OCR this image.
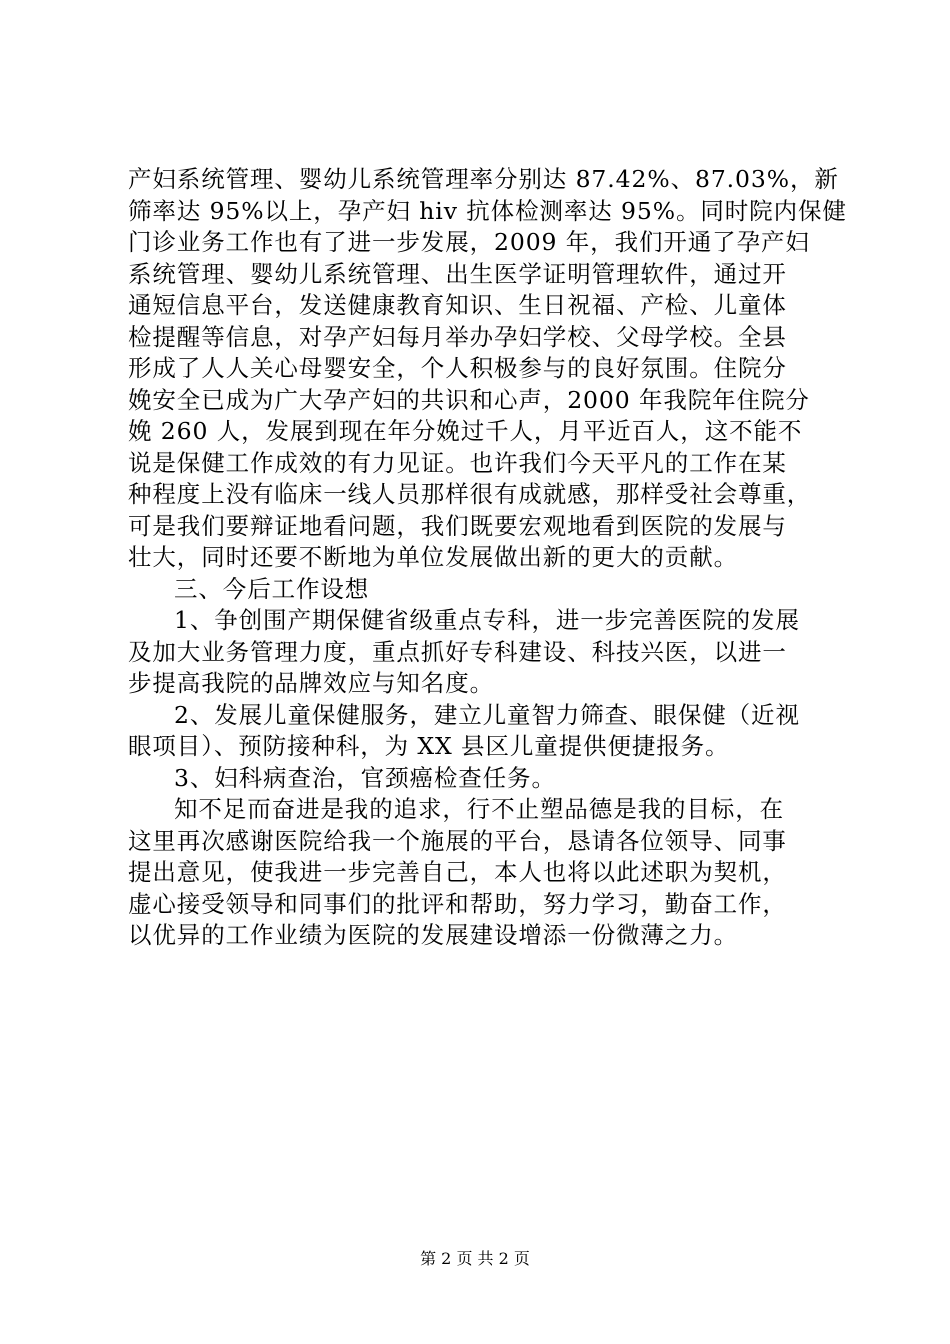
产妇系统管理、婴幼儿系统管理率分别达 87.42%、87.03%，新
筛率达 95%以上，孕产妇 hiv 抗体检测率达 95%。同时院内保健
门诊业务工作也有了进一步发展，2009 年，我们开通了孕产妇
系统管理、婴幼儿系统管理、出生医学证明管理软件，通过开
通短信息平台，发送健康教育知识、生日祝福、产检、儿童体
检提醒等信息，对孕产妇每月举办孕妇学校、父母学校。全县
形成了人人关心母婴安全，个人积极参与的良好氛围。住院分
娩安全已成为广大孕产妇的共识和心声，2000 年我院年住院分
娩 260 人，发展到现在年分娩过千人，月平近百人，这不能不
说是保健工作成效的有力见证。也许我们今天平凡的工作在某
种程度上没有临床一线人员那样很有成就感，那样受社会尊重，
可是我们要辩证地看问题，我们既要宏观地看到医院的发展与
壮大，同时还要不断地为单位发展做出新的更大的贡献。
三、今后工作设想
1、争创围产期保健省级重点专科，进一步完善医院的发展
及加大业务管理力度，重点抓好专科建设、科技兴医，以进一
步提高我院的品牌效应与知名度。
2、发展儿童保健服务，建立儿童智力筛查、眼保健（近视
眼项目）、预防接种科，为 XX 县区儿童提供便捷报务。
3、妇科病查治，官颈癌检查任务。
知不足而奋进是我的追求，行不止塑品德是我的目标，在
这里再次感谢医院给我一个施展的平台，恳请各位领导、同事
提出意见，使我进一步完善自己，本人也将以此述职为契机，
虚心接受领导和同事们的批评和帮助，努力学习，勤奋工作，
以优异的工作业绩为医院的发展建设增添一份微薄之力。
第 2 页 共 2 页
